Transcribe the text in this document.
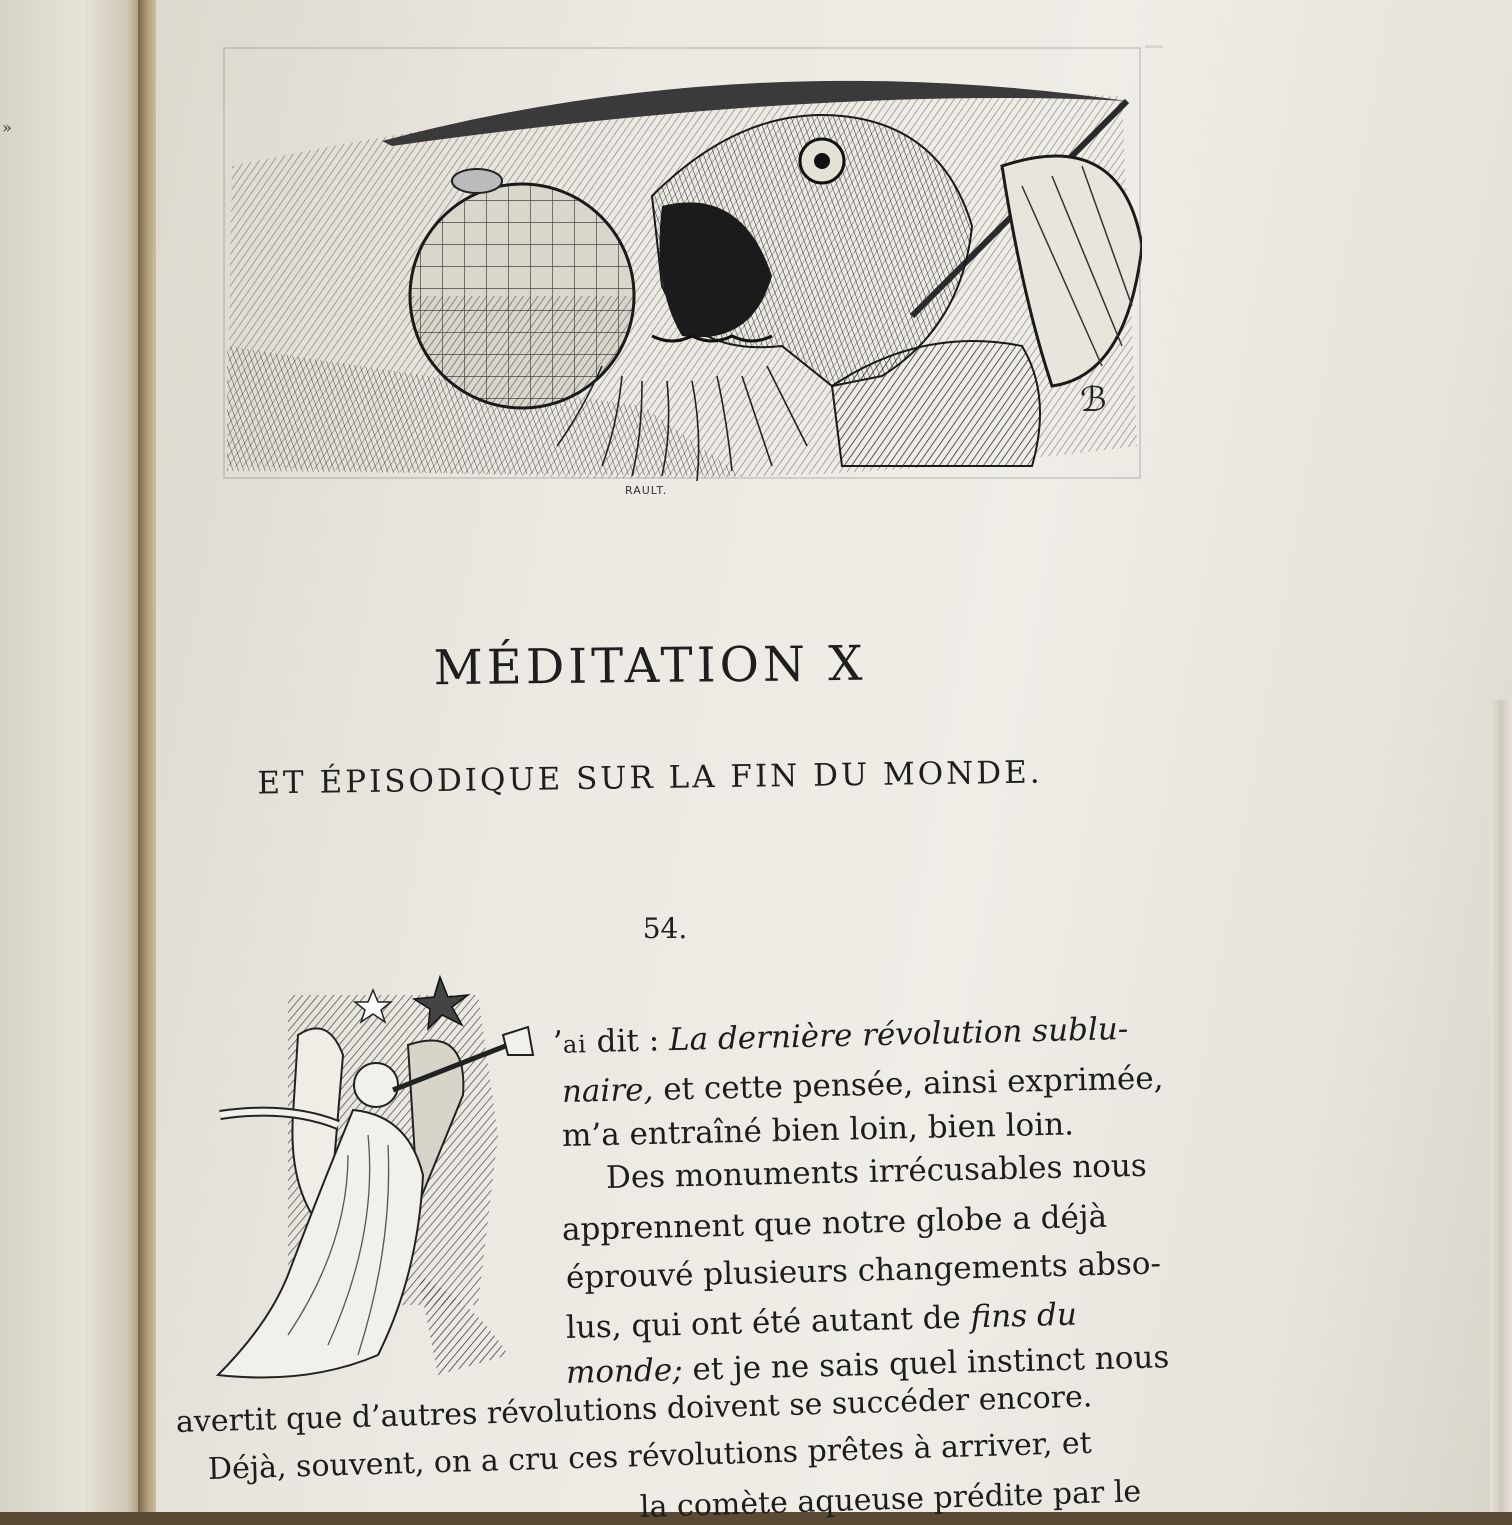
»
╶╴
ℬ
RAULT.
MÉDITATION X
ET ÉPISODIQUE SUR LA FIN DU MONDE.
54.
’ai dit : La dernière révolution sublu-
naire, et cette pensée, ainsi exprimée,
m’a entraîné bien loin, bien loin.
Des monuments irrécusables nous
apprennent que notre globe a déjà
éprouvé plusieurs changements abso-
lus, qui ont été autant de fins du
monde; et je ne sais quel instinct nous
avertit que d’autres révolutions doivent se succéder encore.
Déjà, souvent, on a cru ces révolutions prêtes à arriver, et
la comète aqueuse prédite par le
